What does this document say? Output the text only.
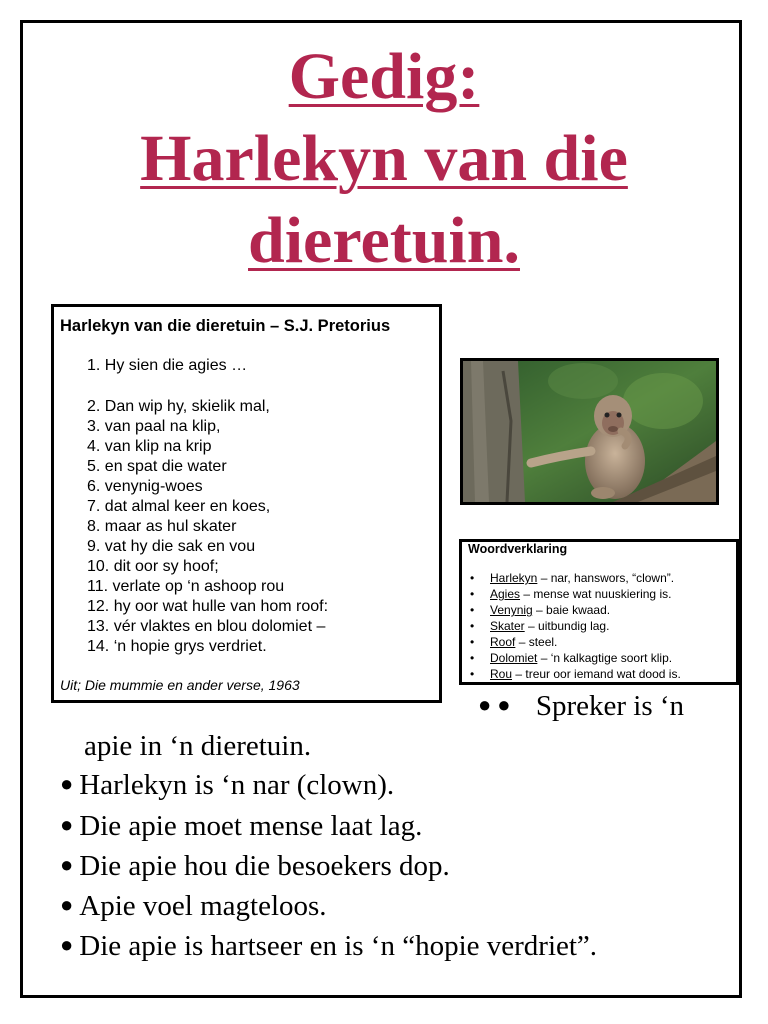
Gedig:
Harlekyn van die
dieretuin.
Harlekyn van die dieretuin – S.J. Pretorius
1. Hy sien die agies …
2. Dan wip hy, skielik mal,
3. van paal na klip,
4. van klip na krip
5. en spat die water
6. venynig-woes
7. dat almal keer en koes,
8. maar as hul skater
9. vat hy die sak en vou
10. dit oor sy hoof;
11. verlate op ‘n ashoop rou
12. hy oor wat hulle van hom roof:
13. vér vlaktes en blou dolomiet –
14. ‘n hopie grys verdriet.
Uit; Die mummie en ander verse, 1963
Woordverklaring
• Harlekyn – nar, hanswors, “clown”.
• Agies – mense wat nuuskiering is.
• Venynig – baie kwaad.
• Skater – uitbundig lag.
• Roof – steel.
• Dolomiet – ‘n kalkagtige soort klip.
• Rou – treur oor iemand wat dood is.
● ● Spreker is ‘n
apie in ‘n dieretuin.
● Harlekyn is ‘n nar (clown).
● Die apie moet mense laat lag.
● Die apie hou die besoekers dop.
● Apie voel magteloos.
● Die apie is hartseer en is ‘n “hopie verdriet”.
